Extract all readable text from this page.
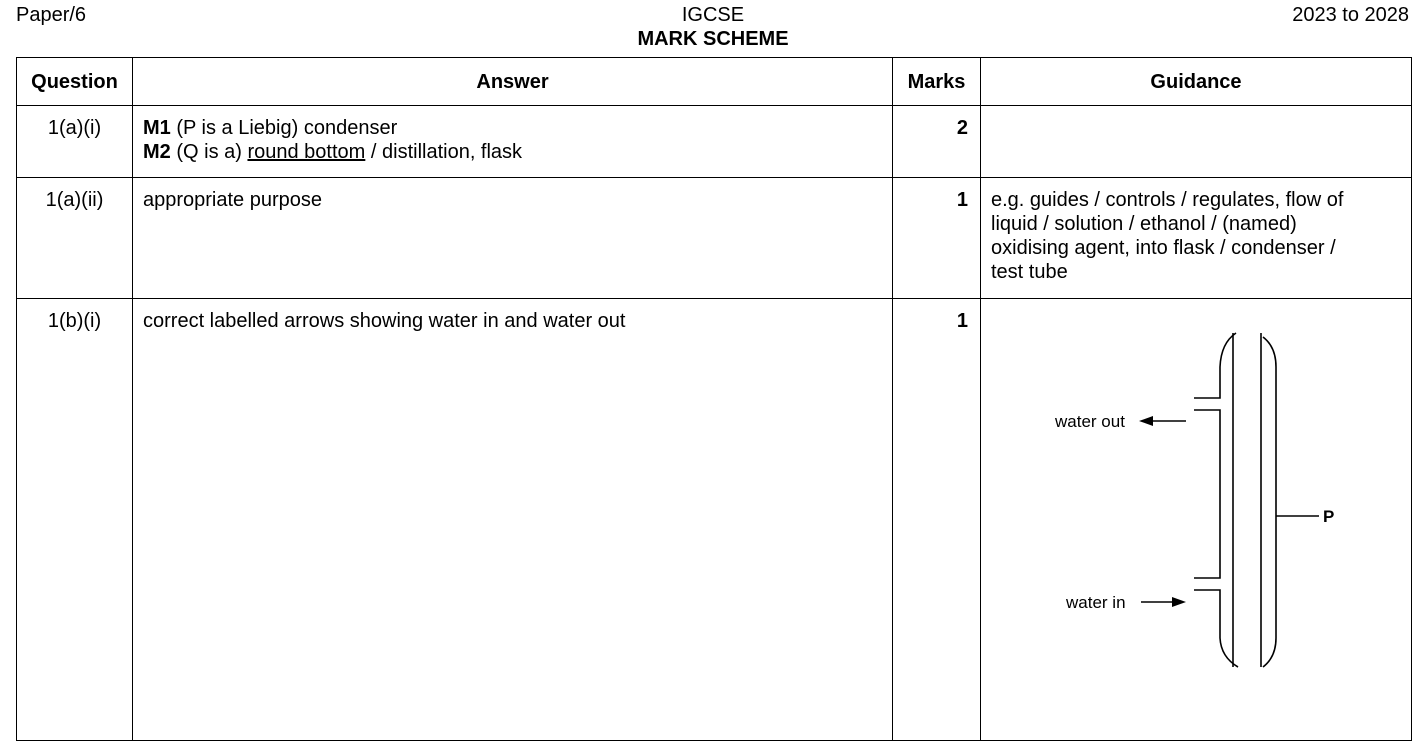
Paper/6	IGCSE
MARK SCHEME
2023 to 2028
Question	Answer	Marks	Guidance
1(a)(i)	M1 (P is a Liebig) condenser
M2 (Q is a) round bottom / distillation, flask	2	
1(a)(ii)	appropriate purpose	1	e.g. guides / controls / regulates, flow of
liquid / solution / ethanol / (named)
oxidising agent, into flask / condenser /
test tube

1(b)(i)	correct labelled arrows showing water in and water out	1	water out
water in
P
